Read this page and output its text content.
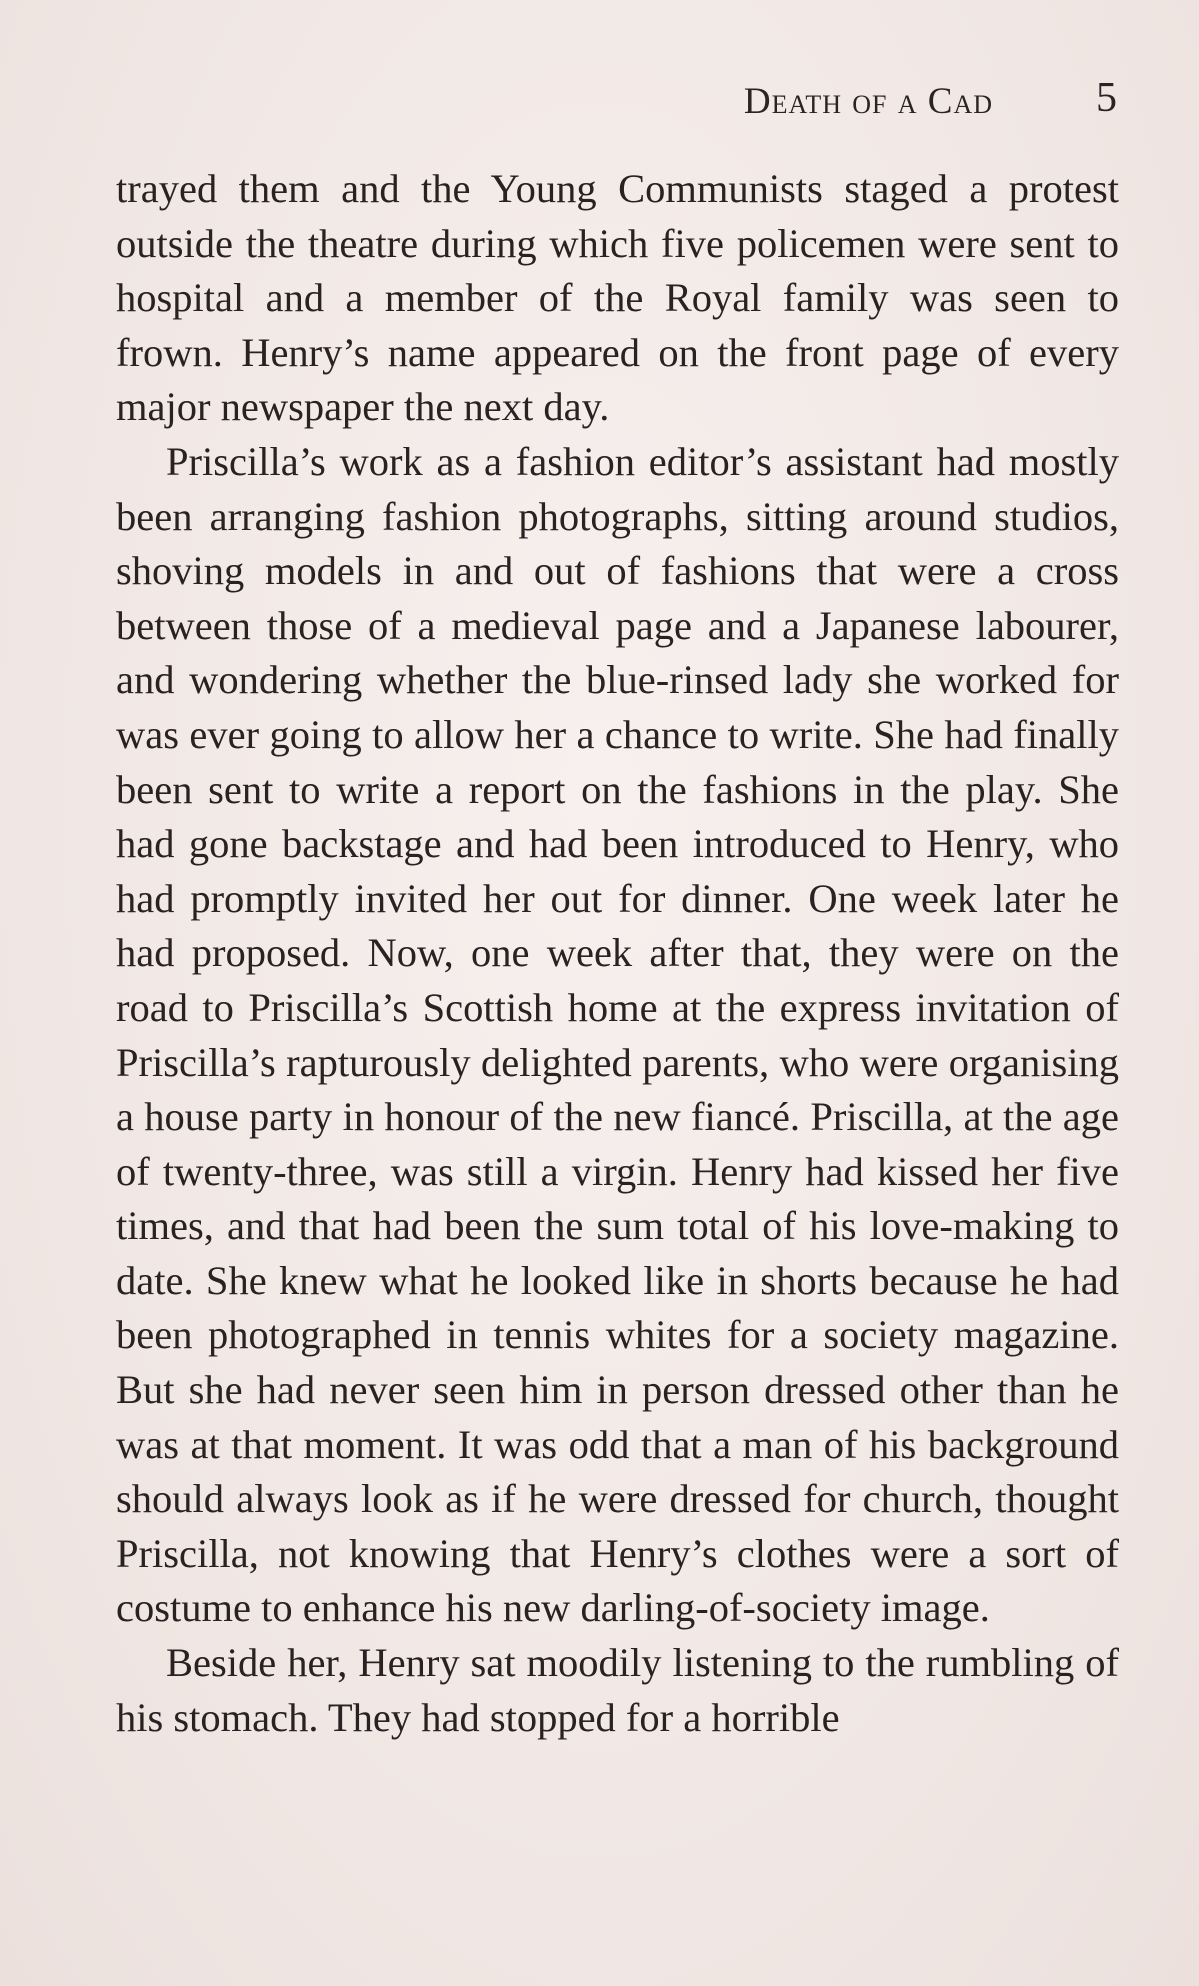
Death of a Cad 5

trayed them and the Young Communists staged a protest outside the theatre during which five policemen were sent to hospital and a member of the Royal family was seen to frown. Henry’s name appeared on the front page of every major newspaper the next day.

Priscilla’s work as a fashion editor’s assistant had mostly been arranging fashion photographs, sitting around studios, shoving models in and out of fashions that were a cross between those of a medieval page and a Japanese labourer, and wondering whether the blue-rinsed lady she worked for was ever going to allow her a chance to write. She had finally been sent to write a report on the fashions in the play. She had gone backstage and had been introduced to Henry, who had promptly invited her out for dinner. One week later he had proposed. Now, one week after that, they were on the road to Priscilla’s Scottish home at the express invitation of Priscilla’s rapturously delighted parents, who were organising a house party in honour of the new fiancé. Priscilla, at the age of twenty-three, was still a virgin. Henry had kissed her five times, and that had been the sum total of his love-making to date. She knew what he looked like in shorts because he had been photographed in tennis whites for a society magazine. But she had never seen him in person dressed other than he was at that moment. It was odd that a man of his background should always look as if he were dressed for church, thought Priscilla, not knowing that Henry’s clothes were a sort of costume to enhance his new darling-of-society image.

Beside her, Henry sat moodily listening to the rumbling of his stomach. They had stopped for a horrible
